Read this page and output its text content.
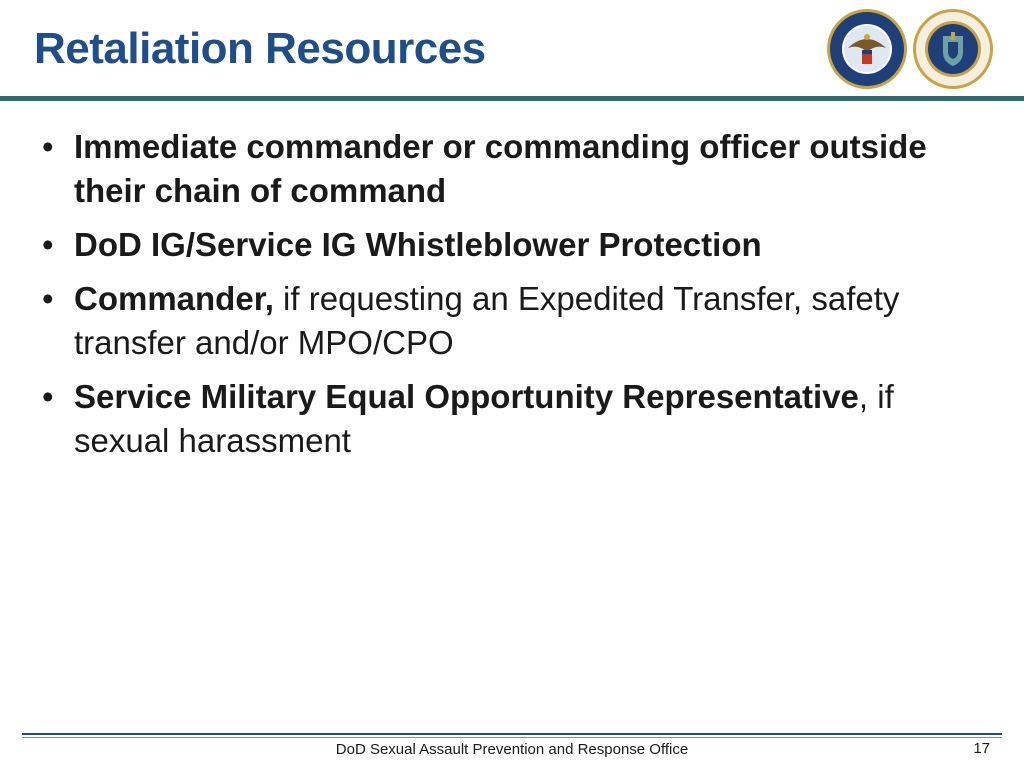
Retaliation Resources
• Immediate commander or commanding officer outside their chain of command
• DoD IG/Service IG Whistleblower Protection
• Commander, if requesting an Expedited Transfer, safety transfer and/or MPO/CPO
• Service Military Equal Opportunity Representative, if sexual harassment
DoD Sexual Assault Prevention and Response Office	17
